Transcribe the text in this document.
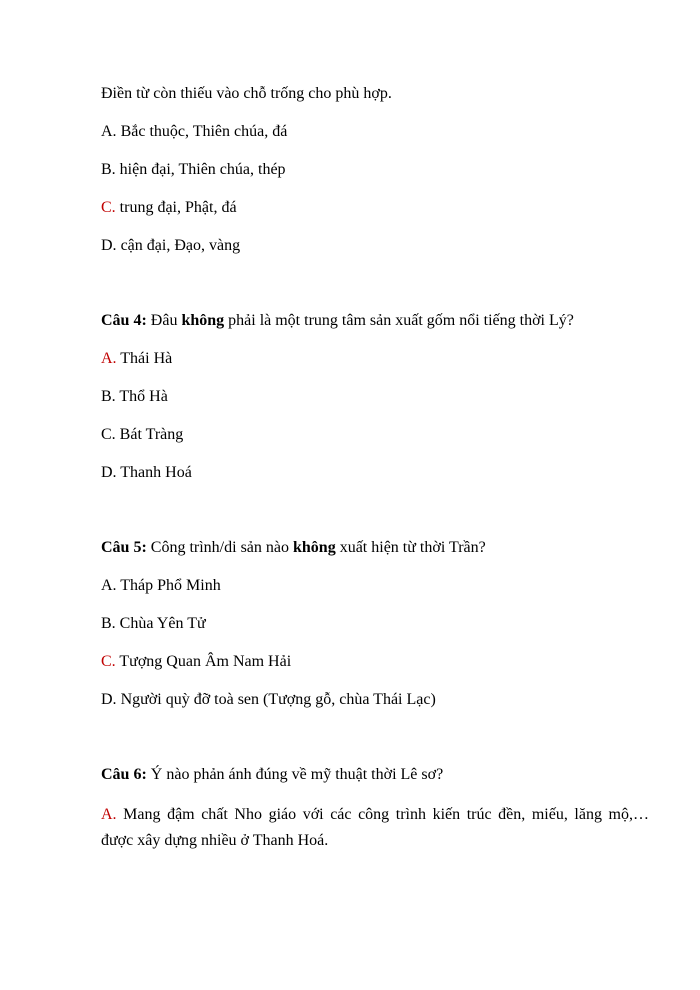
Điền từ còn thiếu vào chỗ trống cho phù hợp.
A. Bắc thuộc, Thiên chúa, đá
B. hiện đại, Thiên chúa, thép
C. trung đại, Phật, đá
D. cận đại, Đạo, vàng
Câu 4: Đâu không phải là một trung tâm sản xuất gốm nổi tiếng thời Lý?
A. Thái Hà
B. Thổ Hà
C. Bát Tràng
D. Thanh Hoá
Câu 5: Công trình/di sản nào không xuất hiện từ thời Trần?
A. Tháp Phổ Minh
B. Chùa Yên Tử
C. Tượng Quan Âm Nam Hải
D. Người quỳ đỡ toà sen (Tượng gỗ, chùa Thái Lạc)
Câu 6: Ý nào phản ánh đúng về mỹ thuật thời Lê sơ?
A. Mang đậm chất Nho giáo với các công trình kiến trúc đền, miếu, lăng mộ,…
được xây dựng nhiều ở Thanh Hoá.
